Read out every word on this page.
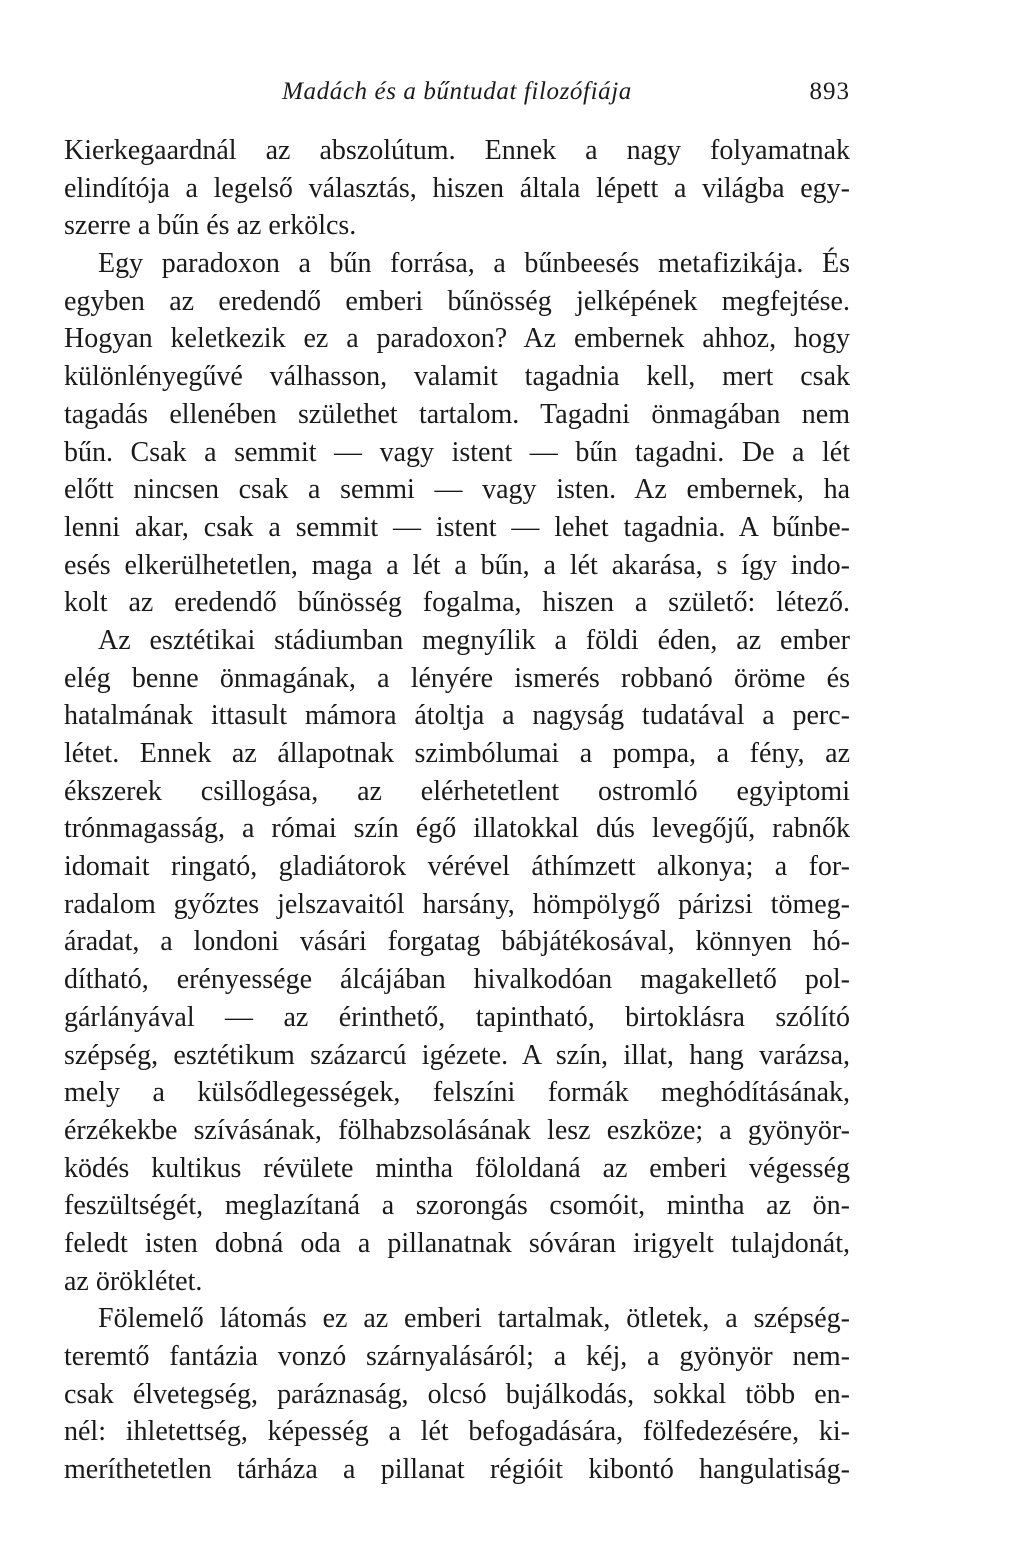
Madách és a bűntudat filozófiája	893
Kierkegaardnál az abszolútum. Ennek a nagy folyamatnak
elindítója a legelső választás, hiszen általa lépett a világba egy-
szerre a bűn és az erkölcs.
Egy paradoxon a bűn forrása, a bűnbeesés metafizikája. És
egyben az eredendő emberi bűnösség jelképének megfejtése.
Hogyan keletkezik ez a paradoxon? Az embernek ahhoz, hogy
különlényegűvé válhasson, valamit tagadnia kell, mert csak
tagadás ellenében születhet tartalom. Tagadni önmagában nem
bűn. Csak a semmit — vagy istent — bűn tagadni. De a lét
előtt nincsen csak a semmi — vagy isten. Az embernek, ha
lenni akar, csak a semmit — istent — lehet tagadnia. A bűnbe-
esés elkerülhetetlen, maga a lét a bűn, a lét akarása, s így indo-
kolt az eredendő bűnösség fogalma, hiszen a születő: létező.
Az esztétikai stádiumban megnyílik a földi éden, az ember
elég benne önmagának, a lényére ismerés robbanó öröme és
hatalmának ittasult mámora átoltja a nagyság tudatával a perc-
létet. Ennek az állapotnak szimbólumai a pompa, a fény, az
ékszerek csillogása, az elérhetetlent ostromló egyiptomi
trónmagasság, a római szín égő illatokkal dús levegőjű, rabnők
idomait ringató, gladiátorok vérével áthímzett alkonya; a for-
radalom győztes jelszavaitól harsány, hömpölygő párizsi tömeg-
áradat, a londoni vásári forgatag bábjátékosával, könnyen hó-
dítható, erényessége álcájában hivalkodóan magakellető pol-
gárlányával — az érinthető, tapintható, birtoklásra szólító
szépség, esztétikum százarcú igézete. A szín, illat, hang varázsa,
mely a külsődlegességek, felszíni formák meghódításának,
érzékekbe szívásának, fölhabzsolásának lesz eszköze; a gyönyör-
ködés kultikus révülete mintha föloldaná az emberi végesség
feszültségét, meglazítaná a szorongás csomóit, mintha az ön-
feledt isten dobná oda a pillanatnak sóváran irigyelt tulajdonát,
az öröklétet.
Fölemelő látomás ez az emberi tartalmak, ötletek, a szépség-
teremtő fantázia vonzó szárnyalásáról; a kéj, a gyönyör nem-
csak élvetegség, paráznaság, olcsó bujálkodás, sokkal több en-
nél: ihletettség, képesség a lét befogadására, fölfedezésére, ki-
meríthetetlen tárháza a pillanat régióit kibontó hangulatiság-
